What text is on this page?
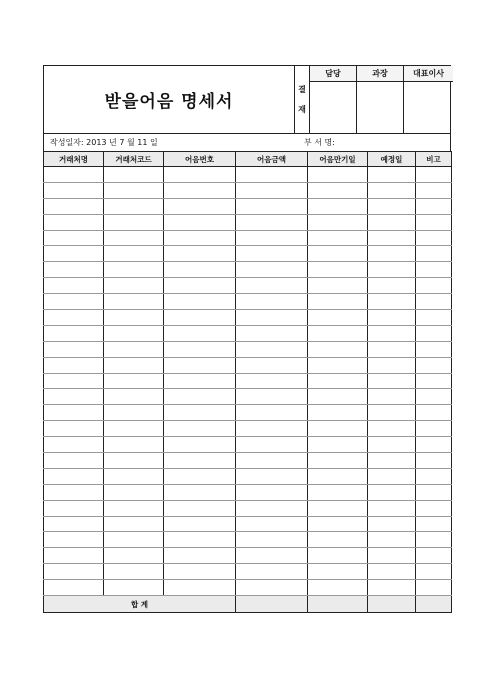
받을어음 명세서
결
재
담당	과장	대표이사
작성일자: 2013 년 7 월 11 일	부 서 명:
거래처명	거래처코드	어음번호	어음금액	어음만기일	예정일	비고

합 계						
